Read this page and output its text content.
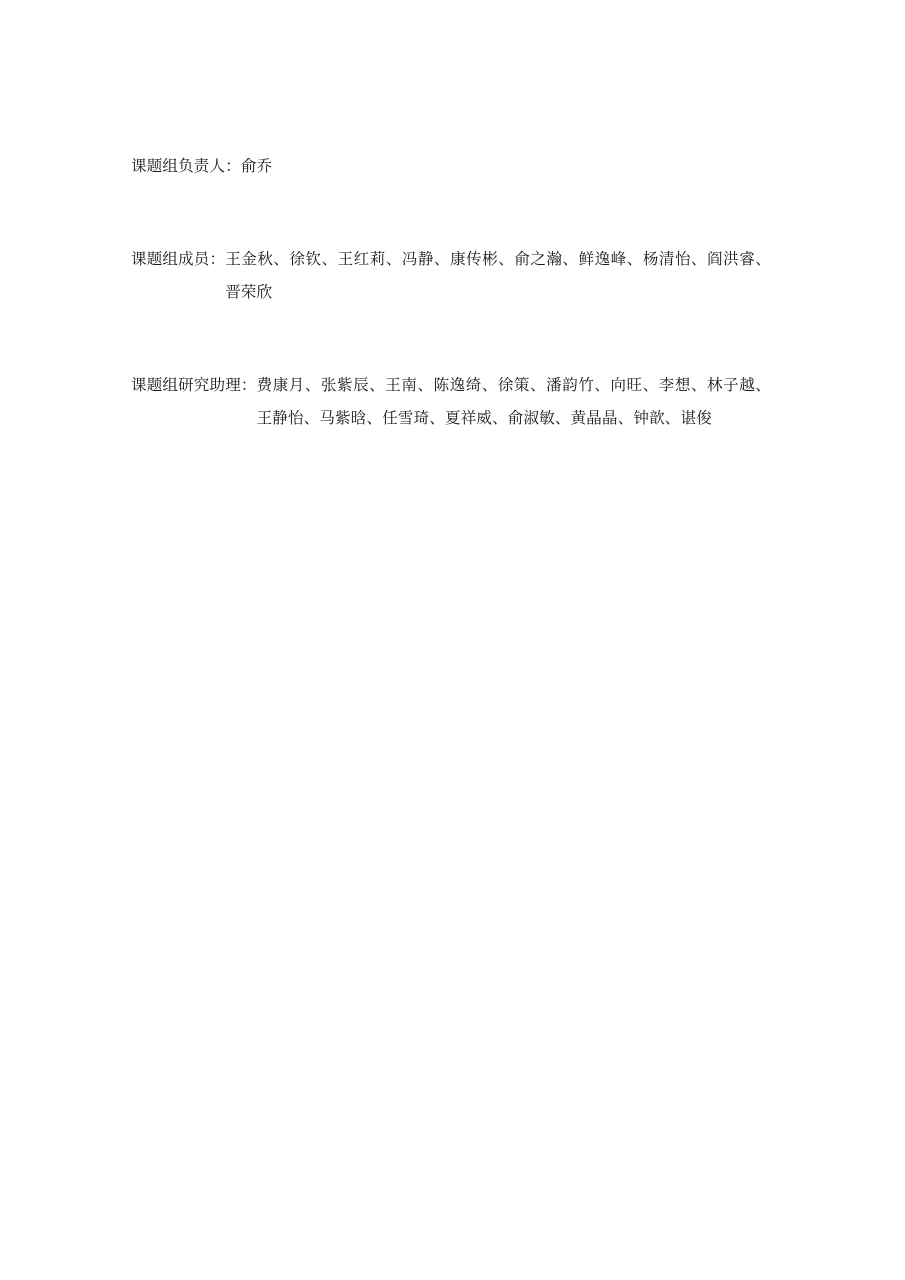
课题组负责人： 俞乔
课题组成员： 王金秋、徐钦、王红莉、冯静、康传彬、俞之瀚、鲜逸峰、杨清怡、阎洪睿、晋荣欣
课题组研究助理： 费康月、张紫辰、王南、陈逸绮、徐策、潘韵竹、向旺、李想、林子越、王静怡、马紫晗、任雪琦、夏祥威、俞淑敏、黄晶晶、钟歆、谌俊
